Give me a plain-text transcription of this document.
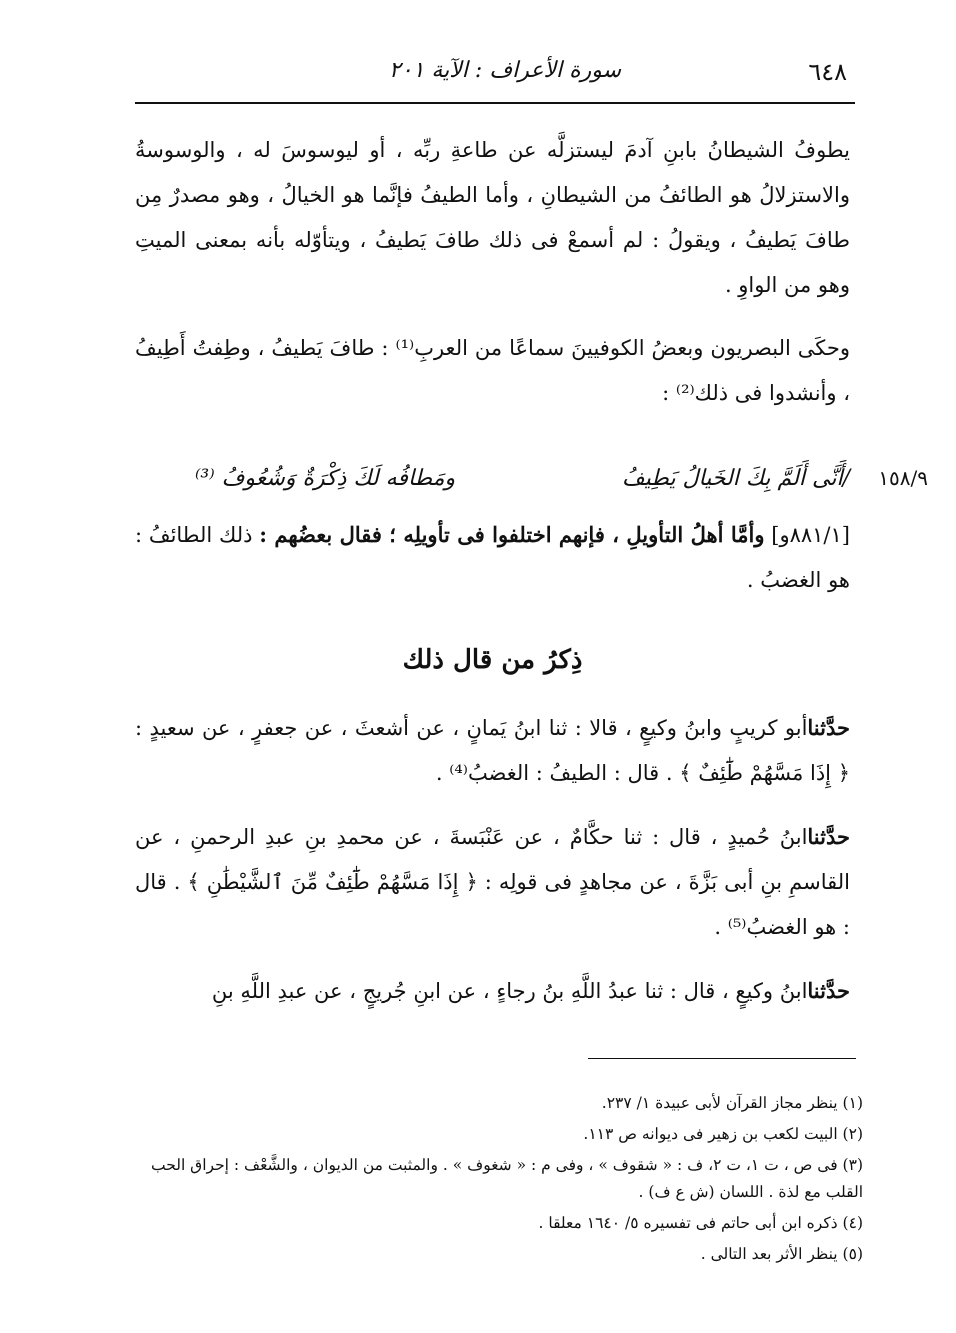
٦٤٨
سورة الأعراف : الآية ٢٠١

يطوفُ الشيطانُ بابنِ آدمَ ليستزلَّه عن طاعةِ ربِّه ، أو ليوسوسَ له ، والوسوسةُ والاستزلالُ هو الطائفُ من الشيطانِ ، وأما الطيفُ فإنَّما هو الخيالُ ، وهو مصدرٌ مِن طافَ يَطيفُ ، ويقولُ : لم أسمعْ فى ذلك طافَ يَطيفُ ، ويتأوّله بأنه بمعنى الميتِ وهو من الواوِ .

وحكَى البصريون وبعضُ الكوفيينَ سماعًا من العربِ⁽¹⁾ : طافَ يَطيفُ ، وطِفتُ أَطِيفُ ، وأنشدوا فى ذلك⁽²⁾ :

١٥٨/٩
/أَنَّى أَلَمَّ بِكَ الخَيالُ يَطِيفُ
ومَطافُه لَكَ ذِكْرَةٌ وَشُعُوفُ ⁽³⁾
[٨٨١/١و] وأمَّا أهلُ التأويلِ ، فإنهم اختلفوا فى تأويلِه ؛ فقال بعضُهم : ذلك الطائفُ : هو الغضبُ .
ذِكرُ من قال ذلك

حدَّثناأبو كريبٍ وابنُ وكيعٍ ، قالا : ثنا ابنُ يَمانٍ ، عن أشعثَ ، عن جعفرٍ ، عن سعيدٍ : ﴿ إِذَا مَسَّهُمْ طَٰٓئِفٌ ﴾ . قال : الطيفُ : الغضبُ⁽⁴⁾ .

حدَّثناابنُ حُميدٍ ، قال : ثنا حكَّامٌ ، عن عَنْبَسةَ ، عن محمدِ بنِ عبدِ الرحمنِ ، عن القاسمِ بنِ أبى بَزَّةَ ، عن مجاهدٍ فى قولِه : ﴿ إِذَا مَسَّهُمْ طَٰٓئِفٌ مِّنَ ٱلشَّيْطَٰنِ ﴾ . قال : هو الغضبُ⁽⁵⁾ .

حدَّثناابنُ وكيعٍ ، قال : ثنا عبدُ اللَّهِ بنُ رجاءٍ ، عن ابنِ جُريجٍ ، عن عبدِ اللَّهِ بنِ

(١) ينظر مجاز القرآن لأبى عبيدة ١/ ٢٣٧.
(٢) البيت لكعب بن زهير فى ديوانه ص ١١٣.
(٣) فى ص ، ت ١، ت ٢، ف : « شقوف » ، وفى م : « شغوف » . والمثبت من الديوان ، والشَّعْف : إحراق الحب القلب مع لذة . اللسان (ش ع ف) .
(٤) ذكره ابن أبى حاتم فى تفسيره ٥/ ١٦٤٠ معلقا .
(٥) ينظر الأثر بعد التالى .
